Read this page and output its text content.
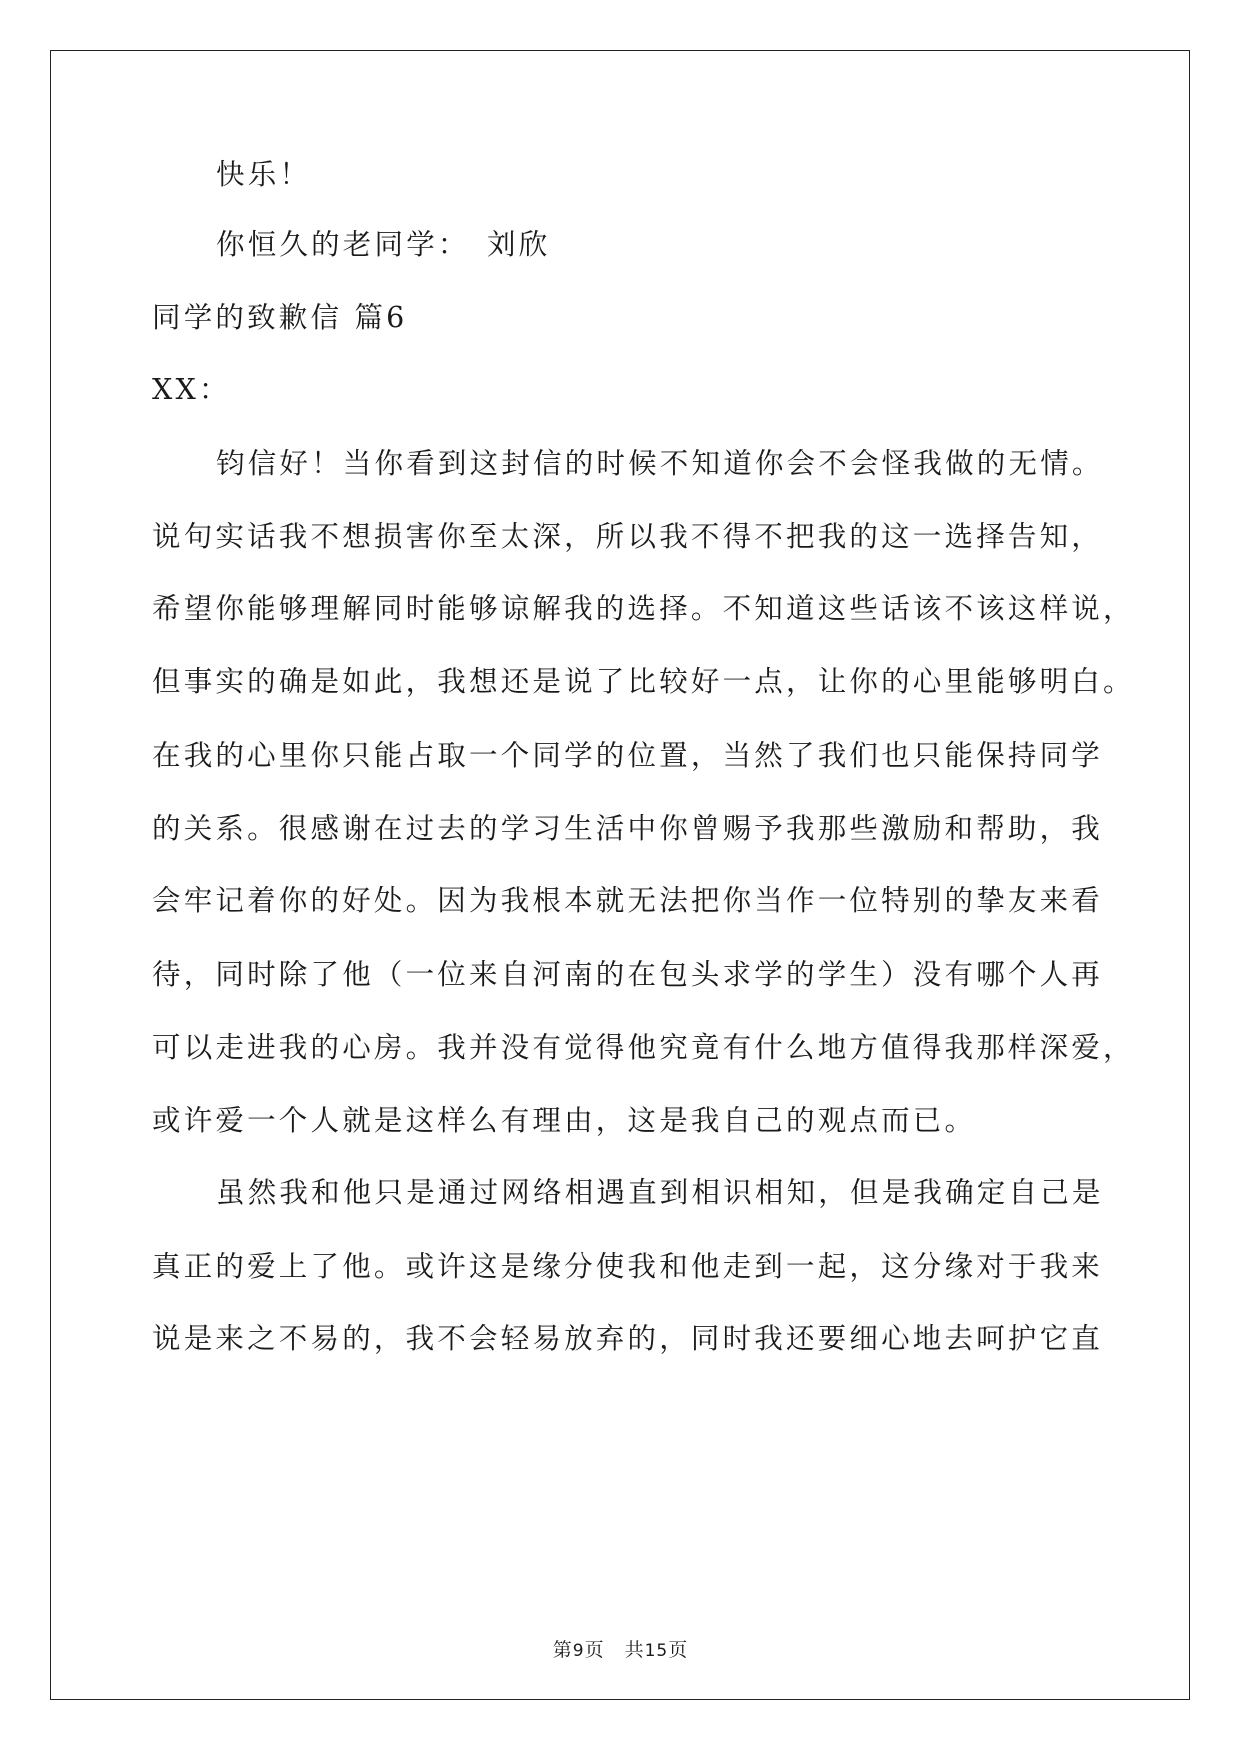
快乐！
你恒久的老同学：　刘欣
同学的致歉信 篇6
XX：
钧信好！当你看到这封信的时候不知道你会不会怪我做的无情。
说句实话我不想损害你至太深，所以我不得不把我的这一选择告知，
希望你能够理解同时能够谅解我的选择。不知道这些话该不该这样说，
但事实的确是如此，我想还是说了比较好一点，让你的心里能够明白。
在我的心里你只能占取一个同学的位置，当然了我们也只能保持同学
的关系。很感谢在过去的学习生活中你曾赐予我那些激励和帮助，我
会牢记着你的好处。因为我根本就无法把你当作一位特别的挚友来看
待，同时除了他（一位来自河南的在包头求学的学生）没有哪个人再
可以走进我的心房。我并没有觉得他究竟有什么地方值得我那样深爱，
或许爱一个人就是这样么有理由，这是我自己的观点而已。
虽然我和他只是通过网络相遇直到相识相知，但是我确定自己是
真正的爱上了他。或许这是缘分使我和他走到一起，这分缘对于我来
说是来之不易的，我不会轻易放弃的，同时我还要细心地去呵护它直
第9页 共15页
